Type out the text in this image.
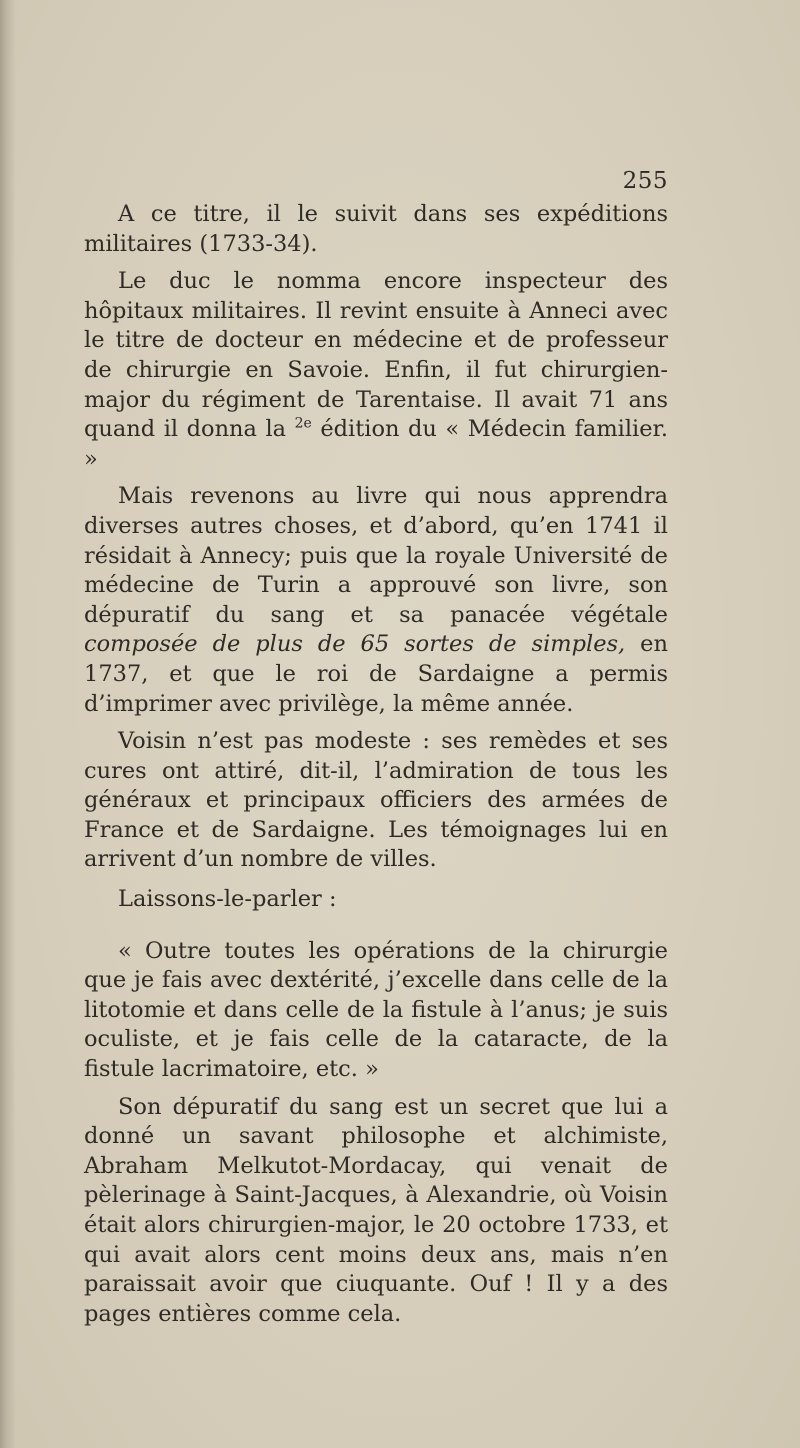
255

A ce titre, il le suivit dans ses expéditions militaires (1733-34).

Le duc le nomma encore inspecteur des hôpitaux militaires. Il revint ensuite à Anneci avec le titre de docteur en médecine et de professeur de chirurgie en Savoie. Enfin, il fut chirurgien-major du régiment de Tarentaise. Il avait 71 ans quand il donna la $^{2e}$ édition du « Médecin familier. »

Mais revenons au livre qui nous apprendra diverses autres choses, et d’abord, qu’en 1741 il résidait à Annecy; puis que la royale Université de médecine de Turin a approuvé son livre, son dépuratif du sang et sa panacée végétale composée de plus de 65 sortes de simples, en 1737, et que le roi de Sardaigne a permis d’imprimer avec privilège, la même année.

Voisin n’est pas modeste : ses remèdes et ses cures ont attiré, dit-il, l’admiration de tous les généraux et principaux officiers des armées de France et de Sardaigne. Les témoignages lui en arrivent d’un nombre de villes.

Laissons-le-parler :

« Outre toutes les opérations de la chirurgie que je fais avec dextérité, j’excelle dans celle de la litotomie et dans celle de la fistule à l’anus; je suis oculiste, et je fais celle de la cataracte, de la fistule lacrimatoire, etc. »

Son dépuratif du sang est un secret que lui a donné un savant philosophe et alchimiste, Abraham Melkutot-Mordacay, qui venait de pèlerinage à Saint-Jacques, à Alexandrie, où Voisin était alors chirurgien-major, le 20 octobre 1733, et qui avait alors cent moins deux ans, mais n’en paraissait avoir que ciuquante. Ouf ! Il y a des pages entières comme cela.
